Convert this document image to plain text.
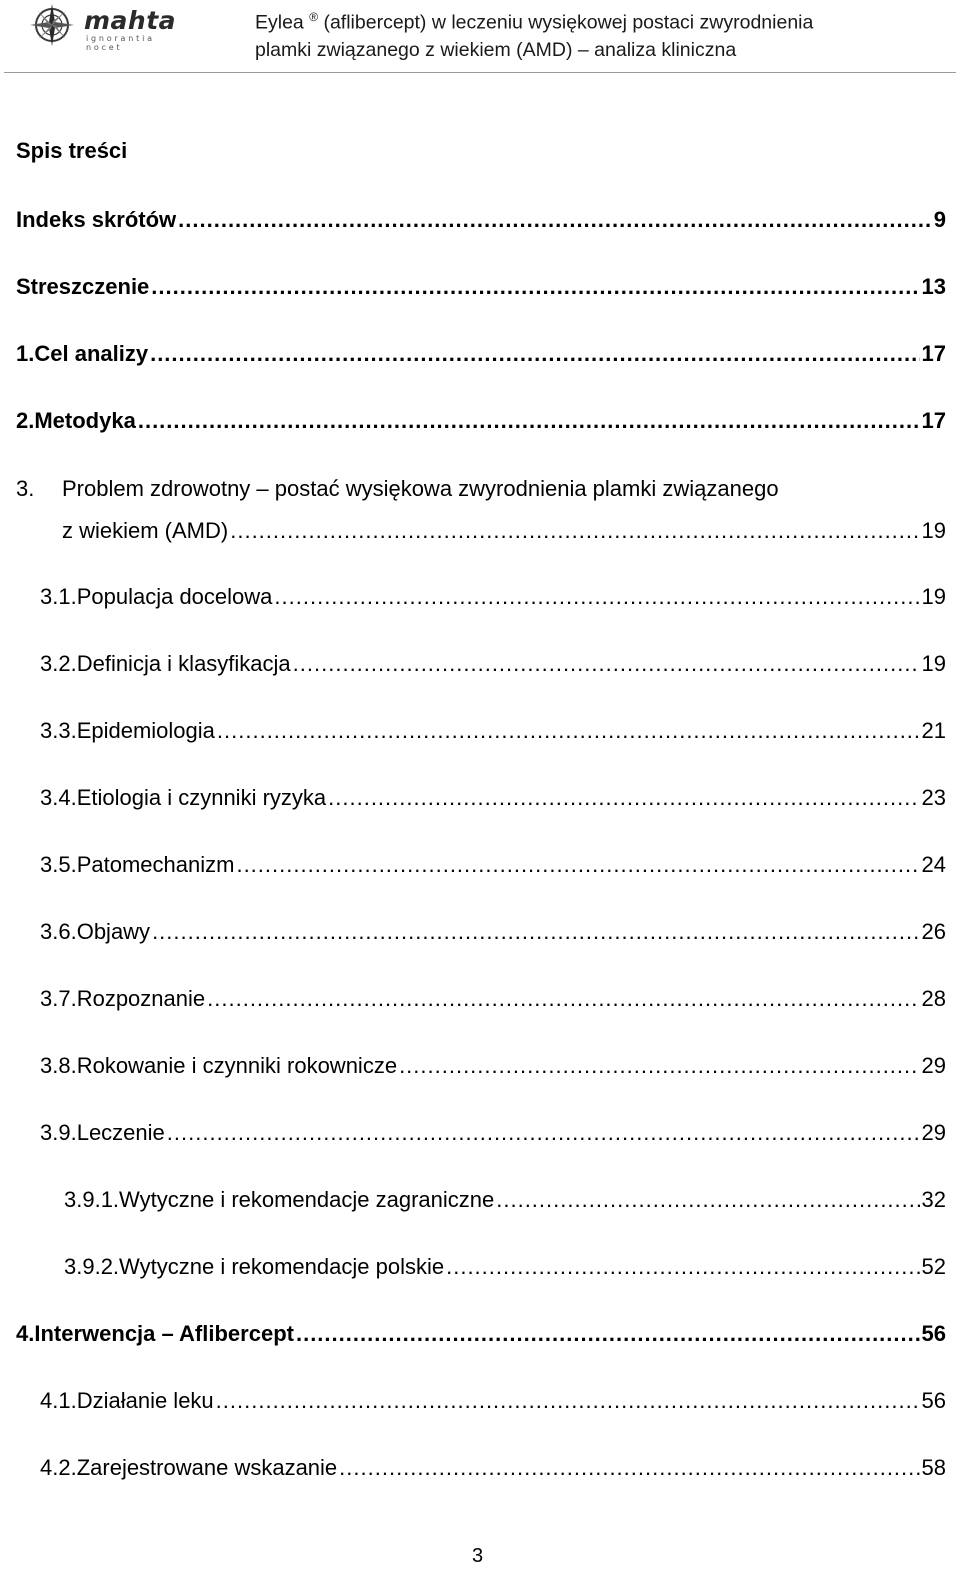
mahta
ignorantia nocet
Eylea ® (aflibercept) w leczeniu wysiękowej postaci zwyrodnienia
plamki związanego z wiekiem (AMD) – analiza kliniczna
Spis treści
Indeks skrótów .....	9
Streszczenie .....	13
1. Cel analizy .....	17
2. Metodyka .....	17
3.	Problem zdrowotny – postać wysiękowa zwyrodnienia plamki związanego
z wiekiem (AMD) .....	19
3.1. Populacja docelowa .....	19
3.2. Definicja i klasyfikacja .....	19
3.3. Epidemiologia .....	21
3.4. Etiologia i czynniki ryzyka .....	23
3.5. Patomechanizm .....	24
3.6. Objawy .....	26
3.7. Rozpoznanie .....	28
3.8. Rokowanie i czynniki rokownicze .....	29
3.9. Leczenie .....	29
3.9.1. Wytyczne i rekomendacje zagraniczne .....	32
3.9.2. Wytyczne i rekomendacje polskie .....	52
4. Interwencja – Aflibercept .....	56
4.1. Działanie leku .....	56
4.2. Zarejestrowane wskazanie .....	58
3
